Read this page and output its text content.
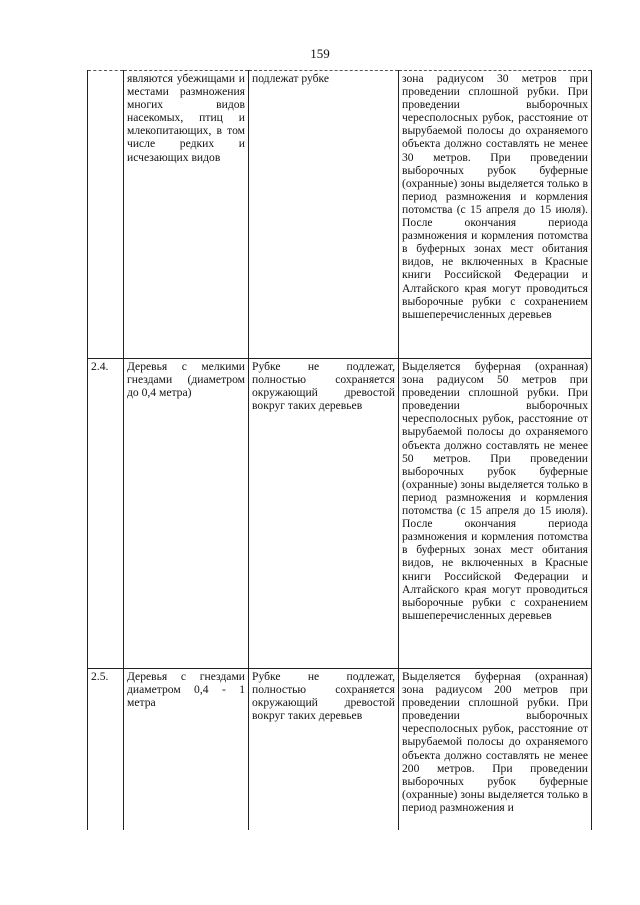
159
	являются убежищами и местами размножения многих видов насекомых, птиц и млекопитающих, в том числе редких и исчезающих видов	подлежат рубке	зона радиусом 30 метров при проведении сплошной рубки. При проведении выборочных чересполосных рубок, расстояние от вырубаемой полосы до охраняемого объекта должно составлять не менее 30 метров. При проведении выборочных рубок буферные (охранные) зоны выделяется только в период размножения и кормления потомства (с 15 апреля до 15 июля). После окончания периода размножения и кормления потомства в буферных зонах мест обитания видов, не включенных в Красные книги Российской Федерации и Алтайского края могут проводиться выборочные рубки с сохранением вышеперечисленных деревьев
2.4.	Деревья с мелкими гнездами (диаметром до 0,4 метра)	Рубке не подлежат, полностью сохраняется окружающий древостой вокруг таких деревьев	Выделяется буферная (охранная) зона радиусом 50 метров при проведении сплошной рубки. При проведении выборочных чересполосных рубок, расстояние от вырубаемой полосы до охраняемого объекта должно составлять не менее 50 метров. При проведении выборочных рубок буферные (охранные) зоны выделяется только в период размножения и кормления потомства (с 15 апреля до 15 июля). После окончания периода размножения и кормления потомства в буферных зонах мест обитания видов, не включенных в Красные книги Российской Федерации и Алтайского края могут проводиться выборочные рубки с сохранением вышеперечисленных деревьев
2.5.	Деревья с гнездами диаметром 0,4 - 1 метра	Рубке не подлежат, полностью сохраняется окружающий древостой вокруг таких деревьев	Выделяется буферная (охранная) зона радиусом 200 метров при проведении сплошной рубки. При проведении выборочных чересполосных рубок, расстояние от вырубаемой полосы до охраняемого объекта должно составлять не менее 200 метров. При проведении выборочных рубок буферные (охранные) зоны выделяется только в период размножения и
